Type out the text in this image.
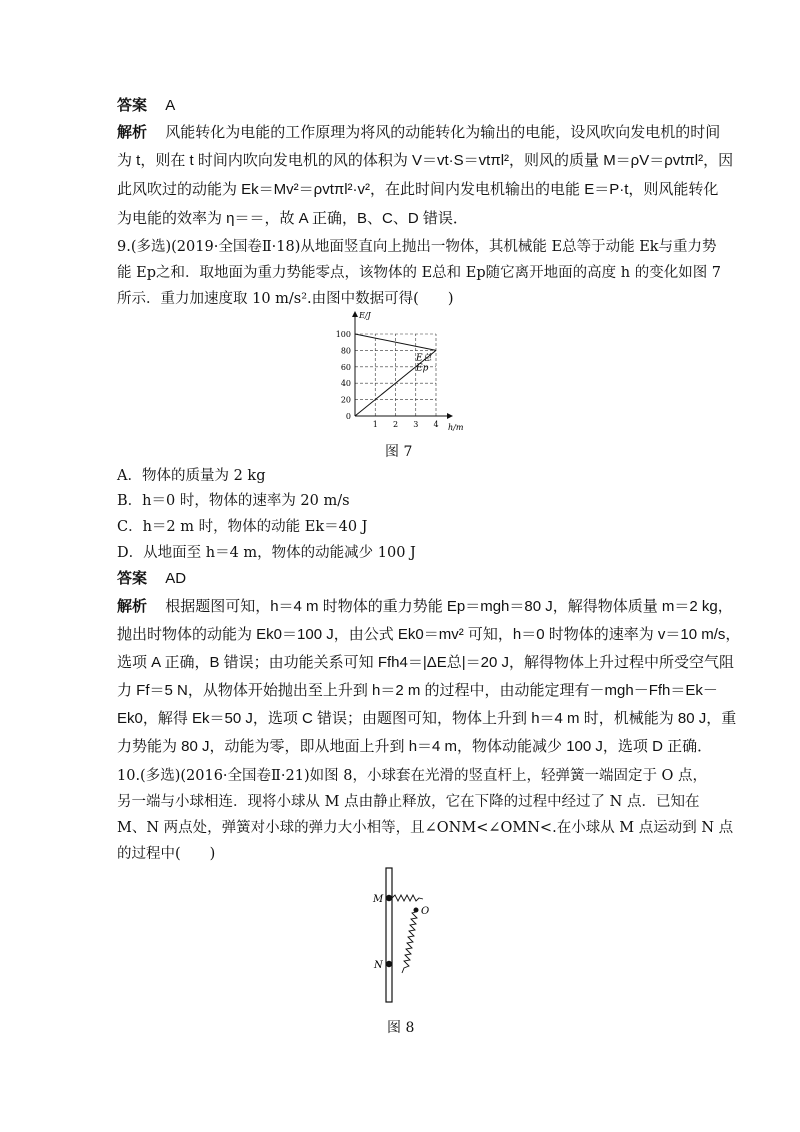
答案 A
解析 风能转化为电能的工作原理为将风的动能转化为输出的电能，设风吹向发电机的时间
为 t，则在 t 时间内吹向发电机的风的体积为 V＝vt·S＝vtπl²，则风的质量 M＝ρV＝ρvtπl²，因
此风吹过的动能为 Ek＝Mv²＝ρvtπl²·v²，在此时间内发电机输出的电能 E＝P·t，则风能转化
为电能的效率为 η＝＝，故 A 正确，B、C、D 错误．
9.(多选)(2019·全国卷Ⅱ·18)从地面竖直向上抛出一物体，其机械能 E总等于动能 Ek与重力势
能 Ep之和．取地面为重力势能零点，该物体的 E总和 Ep随它离开地面的高度 h 的变化如图 7
所示．重力加速度取 10 m/s².由图中数据可得(　　)
E总
Ep
1 2 3 4
20
40
60
80
100
0
h/m
E/J
图 7
A．物体的质量为 2 kg
B．h＝0 时，物体的速率为 20 m/s
C．h＝2 m 时，物体的动能 Ek＝40 J
D．从地面至 h＝4 m，物体的动能减少 100 J
答案 AD
解析 根据题图可知，h＝4 m 时物体的重力势能 Ep＝mgh＝80 J，解得物体质量 m＝2 kg，
抛出时物体的动能为 Ek0＝100 J，由公式 Ek0＝mv² 可知，h＝0 时物体的速率为 v＝10 m/s，
选项 A 正确，B 错误；由功能关系可知 Ffh4＝|ΔE总|＝20 J，解得物体上升过程中所受空气阻
力 Ff＝5 N，从物体开始抛出至上升到 h＝2 m 的过程中，由动能定理有－mgh－Ffh＝Ek－
Ek0，解得 Ek＝50 J，选项 C 错误；由题图可知，物体上升到 h＝4 m 时，机械能为 80 J，重
力势能为 80 J，动能为零，即从地面上升到 h＝4 m，物体动能减少 100 J，选项 D 正确．
10.(多选)(2016·全国卷Ⅱ·21)如图 8，小球套在光滑的竖直杆上，轻弹簧一端固定于 O 点，
另一端与小球相连．现将小球从 M 点由静止释放，它在下降的过程中经过了 N 点．已知在
M、N 两点处，弹簧对小球的弹力大小相等，且∠ONM<∠OMN<.在小球从 M 点运动到 N 点
的过程中(　　)
M
N
O
图 8
